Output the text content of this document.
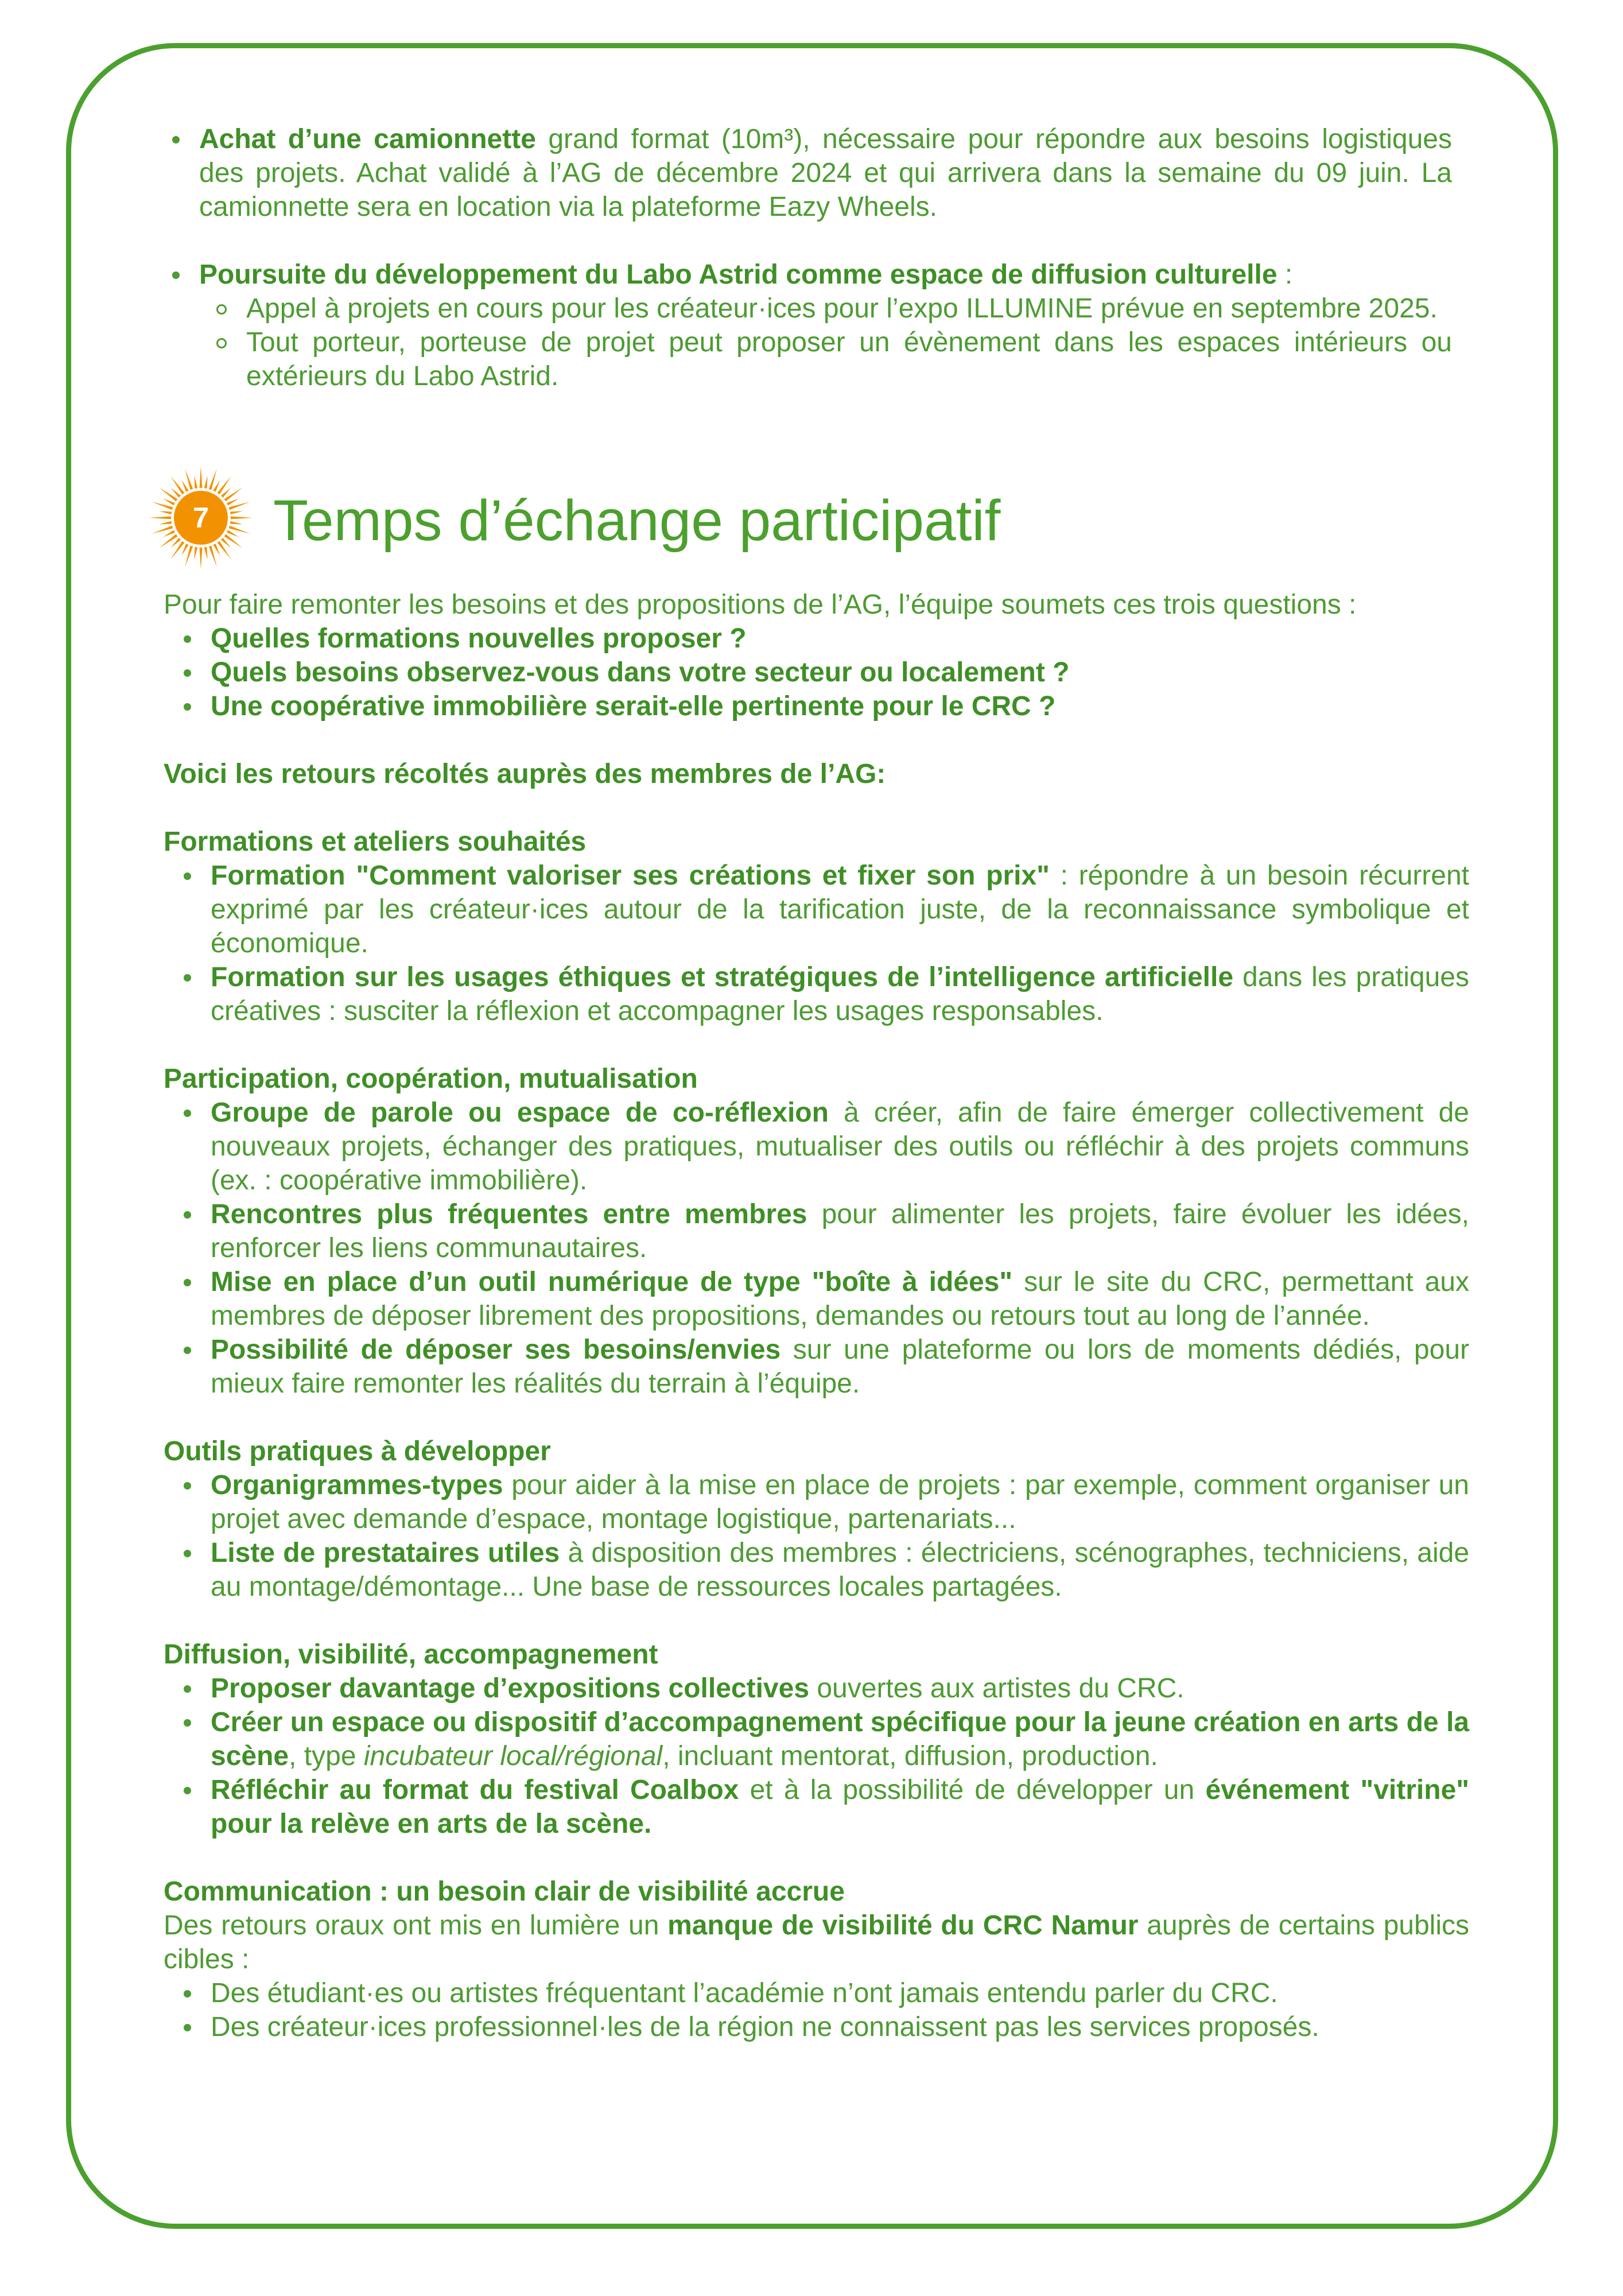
Achat d’une camionnette grand format (10m³), nécessaire pour répondre aux besoins logistiques des projets. Achat validé à l’AG de décembre 2024 et qui arrivera dans la semaine du 09 juin. La camionnette sera en location via la plateforme Eazy Wheels.
Poursuite du développement du Labo Astrid comme espace de diffusion culturelle :
Appel à projets en cours pour les créateur·ices pour l’expo ILLUMINE prévue en septembre 2025.
Tout porteur, porteuse de projet peut proposer un évènement dans les espaces intérieurs ou extérieurs du Labo Astrid.
7 Temps d’échange participatif

Pour faire remonter les besoins et des propositions de l’AG, l’équipe soumets ces trois questions :

Quelles formations nouvelles proposer ?
Quels besoins observez-vous dans votre secteur ou localement ?
Une coopérative immobilière serait-elle pertinente pour le CRC ?

Voici les retours récoltés auprès des membres de l’AG:

Formations et ateliers souhaités

Formation "Comment valoriser ses créations et fixer son prix" : répondre à un besoin récurrent exprimé par les créateur·ices autour de la tarification juste, de la reconnaissance symbolique et économique.
Formation sur les usages éthiques et stratégiques de l’intelligence artificielle dans les pratiques créatives : susciter la réflexion et accompagner les usages responsables.

Participation, coopération, mutualisation

Groupe de parole ou espace de co-réflexion à créer, afin de faire émerger collectivement de nouveaux projets, échanger des pratiques, mutualiser des outils ou réfléchir à des projets communs (ex. : coopérative immobilière).
Rencontres plus fréquentes entre membres pour alimenter les projets, faire évoluer les idées, renforcer les liens communautaires.
Mise en place d’un outil numérique de type "boîte à idées" sur le site du CRC, permettant aux membres de déposer librement des propositions, demandes ou retours tout au long de l’année.
Possibilité de déposer ses besoins/envies sur une plateforme ou lors de moments dédiés, pour mieux faire remonter les réalités du terrain à l’équipe.

Outils pratiques à développer

Organigrammes-types pour aider à la mise en place de projets : par exemple, comment organiser un projet avec demande d’espace, montage logistique, partenariats...
Liste de prestataires utiles à disposition des membres : électriciens, scénographes, techniciens, aide au montage/démontage... Une base de ressources locales partagées.

Diffusion, visibilité, accompagnement

Proposer davantage d’expositions collectives ouvertes aux artistes du CRC.
Créer un espace ou dispositif d’accompagnement spécifique pour la jeune création en arts de la scène, type incubateur local/régional, incluant mentorat, diffusion, production.
Réfléchir au format du festival Coalbox et à la possibilité de développer un événement "vitrine" pour la relève en arts de la scène.

Communication : un besoin clair de visibilité accrue

Des retours oraux ont mis en lumière un manque de visibilité du CRC Namur auprès de certains publics cibles :

Des étudiant·es ou artistes fréquentant l’académie n’ont jamais entendu parler du CRC.
Des créateur·ices professionnel·les de la région ne connaissent pas les services proposés.
